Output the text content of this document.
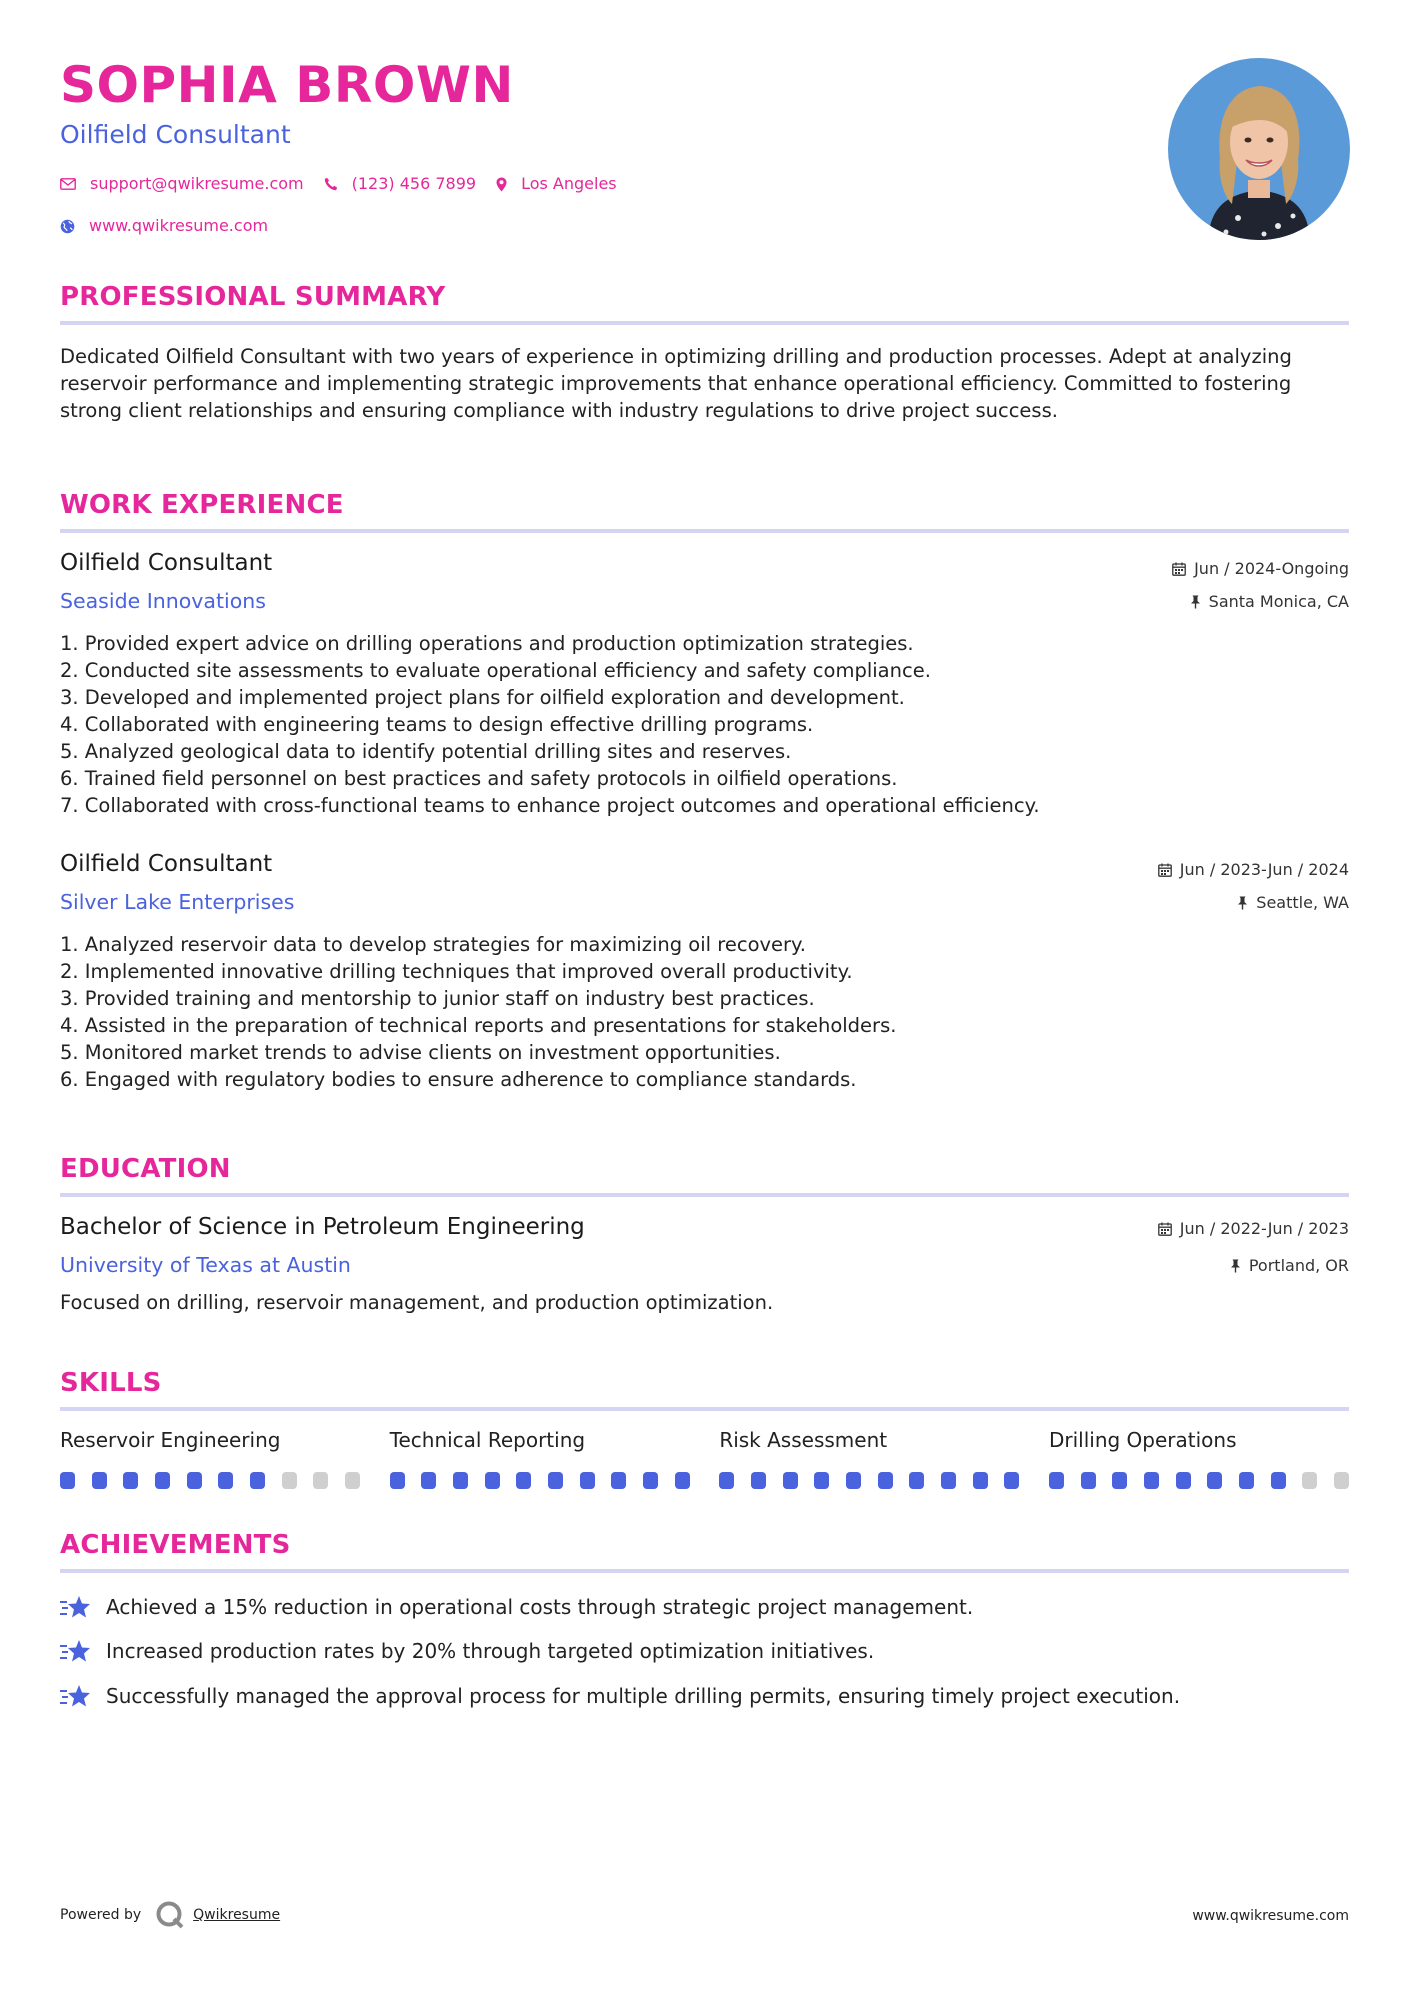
SOPHIA BROWN
Oilfield Consultant
support@qwikresume.com	(123) 456 7899	Los Angeles
www.qwikresume.com
PROFESSIONAL SUMMARY
Dedicated Oilfield Consultant with two years of experience in optimizing drilling and production processes. Adept at analyzing reservoir performance and implementing strategic improvements that enhance operational efficiency. Committed to fostering strong client relationships and ensuring compliance with industry regulations to drive project success.
WORK EXPERIENCE
Oilfield Consultant
Seaside Innovations
Jun / 2024-Ongoing
Santa Monica, CA
1. Provided expert advice on drilling operations and production optimization strategies.
2. Conducted site assessments to evaluate operational efficiency and safety compliance.
3. Developed and implemented project plans for oilfield exploration and development.
4. Collaborated with engineering teams to design effective drilling programs.
5. Analyzed geological data to identify potential drilling sites and reserves.
6. Trained field personnel on best practices and safety protocols in oilfield operations.
7. Collaborated with cross-functional teams to enhance project outcomes and operational efficiency.
Oilfield Consultant
Silver Lake Enterprises
Jun / 2023-Jun / 2024
Seattle, WA
1. Analyzed reservoir data to develop strategies for maximizing oil recovery.
2. Implemented innovative drilling techniques that improved overall productivity.
3. Provided training and mentorship to junior staff on industry best practices.
4. Assisted in the preparation of technical reports and presentations for stakeholders.
5. Monitored market trends to advise clients on investment opportunities.
6. Engaged with regulatory bodies to ensure adherence to compliance standards.
EDUCATION
Bachelor of Science in Petroleum Engineering
University of Texas at Austin
Jun / 2022-Jun / 2023
Portland, OR
Focused on drilling, reservoir management, and production optimization.
SKILLS
Reservoir Engineering	Technical Reporting	Risk Assessment	Drilling Operations
ACHIEVEMENTS
Achieved a 15% reduction in operational costs through strategic project management.
Increased production rates by 20% through targeted optimization initiatives.
Successfully managed the approval process for multiple drilling permits, ensuring timely project execution.
Powered by	Qwikresume	www.qwikresume.com
